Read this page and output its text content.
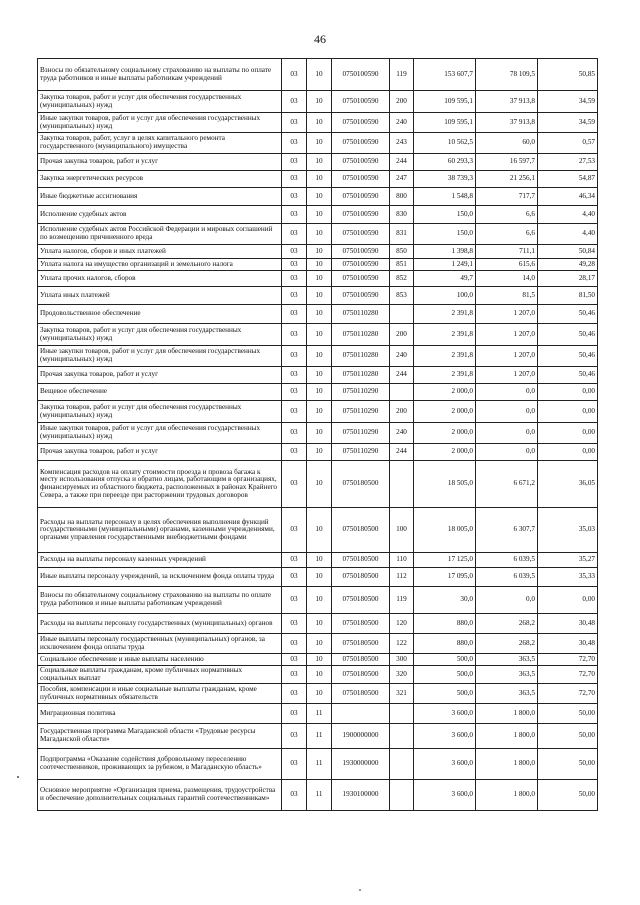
46
Взносы по обязательному социальному страхованию на выплаты по оплате труда работников и иные выплаты работникам учреждений	03	10	0750100590	119	153 607,7	78 109,5	50,85
Закупка товаров, работ и услуг для обеспечения государственных (муниципальных) нужд	03	10	0750100590	200	109 595,1	37 913,8	34,59
Иные закупки товаров, работ и услуг для обеспечения государственных (муниципальных) нужд	03	10	0750100590	240	109 595,1	37 913,8	34,59
Закупка товаров, работ, услуг в целях капитального ремонта государственного (муниципального) имущества	03	10	0750100590	243	10 562,5	60,0	0,57
Прочая закупка товаров, работ и услуг	03	10	0750100590	244	60 293,3	16 597,7	27,53
Закупка энергетических ресурсов	03	10	0750100590	247	38 739,3	21 256,1	54,87
Иные бюджетные ассигнования	03	10	0750100590	800	1 548,8	717,7	46,34
Исполнение судебных актов	03	10	0750100590	830	150,0	6,6	4,40
Исполнение судебных актов Российской Федерации и мировых соглашений по возмещению причиненного вреда	03	10	0750100590	831	150,0	6,6	4,40
Уплата налогов, сборов и иных платежей	03	10	0750100590	850	1 398,8	711,1	50,84
Уплата налога на имущество организаций и земельного налога	03	10	0750100590	851	1 249,1	615,6	49,28
Уплата прочих налогов, сборов	03	10	0750100590	852	49,7	14,0	28,17
Уплата иных платежей	03	10	0750100590	853	100,0	81,5	81,50
Продовольственное обеспечение	03	10	0750110280		2 391,8	1 207,0	50,46
Закупка товаров, работ и услуг для обеспечения государственных (муниципальных) нужд	03	10	0750110280	200	2 391,8	1 207,0	50,46
Иные закупки товаров, работ и услуг для обеспечения государственных (муниципальных) нужд	03	10	0750110280	240	2 391,8	1 207,0	50,46
Прочая закупка товаров, работ и услуг	03	10	0750110280	244	2 391,8	1 207,0	50,46
Вещевое обеспечение	03	10	0750110290		2 000,0	0,0	0,00
Закупка товаров, работ и услуг для обеспечения государственных (муниципальных) нужд	03	10	0750110290	200	2 000,0	0,0	0,00
Иные закупки товаров, работ и услуг для обеспечения государственных (муниципальных) нужд	03	10	0750110290	240	2 000,0	0,0	0,00
Прочая закупка товаров, работ и услуг	03	10	0750110290	244	2 000,0	0,0	0,00
Компенсация расходов на оплату стоимости проезда и провоза багажа к месту использования отпуска и обратно лицам, работающим в организациях, финансируемых из областного бюджета, расположенных в районах Крайнего Севера, а также при переезде при расторжении трудовых договоров	03	10	0750180500		18 505,0	6 671,2	36,05
Расходы на выплаты персоналу в целях обеспечения выполнения функций государственными (муниципальными) органами, казенными учреждениями, органами управления государственными внебюджетными фондами	03	10	0750180500	100	18 005,0	6 307,7	35,03
Расходы на выплаты персоналу казенных учреждений	03	10	0750180500	110	17 125,0	6 039,5	35,27
Иные выплаты персоналу учреждений, за исключением фонда оплаты труда	03	10	0750180500	112	17 095,0	6 039,5	35,33
Взносы по обязательному социальному страхованию на выплаты по оплате труда работников и иные выплаты работникам учреждений	03	10	0750180500	119	30,0	0,0	0,00
Расходы на выплаты персоналу государственных (муниципальных) органов	03	10	0750180500	120	880,0	268,2	30,48
Иные выплаты персоналу государственных (муниципальных) органов, за исключением фонда оплаты труда	03	10	0750180500	122	880,0	268,2	30,48
Социальное обеспечение и иные выплаты населению	03	10	0750180500	300	500,0	363,5	72,70
Социальные выплаты гражданам, кроме публичных нормативных социальных выплат	03	10	0750180500	320	500,0	363,5	72,70
Пособия, компенсации и иные социальные выплаты гражданам, кроме публичных нормативных обязательств	03	10	0750180500	321	500,0	363,5	72,70
Миграционная политика	03	11			3 600,0	1 800,0	50,00
Государственная программа Магаданской области «Трудовые ресурсы Магаданской области»	03	11	1900000000		3 600,0	1 800,0	50,00
Подпрограмма «Оказание содействия добровольному переселению соотечественников, проживающих за рубежом, в Магаданскую область»	03	11	1930000000		3 600,0	1 800,0	50,00
Основное мероприятие «Организация приема, размещения, трудоустройства и обеспечение дополнительных социальных гарантий соотечественникам»	03	11	1930100000		3 600,0	1 800,0	50,00
